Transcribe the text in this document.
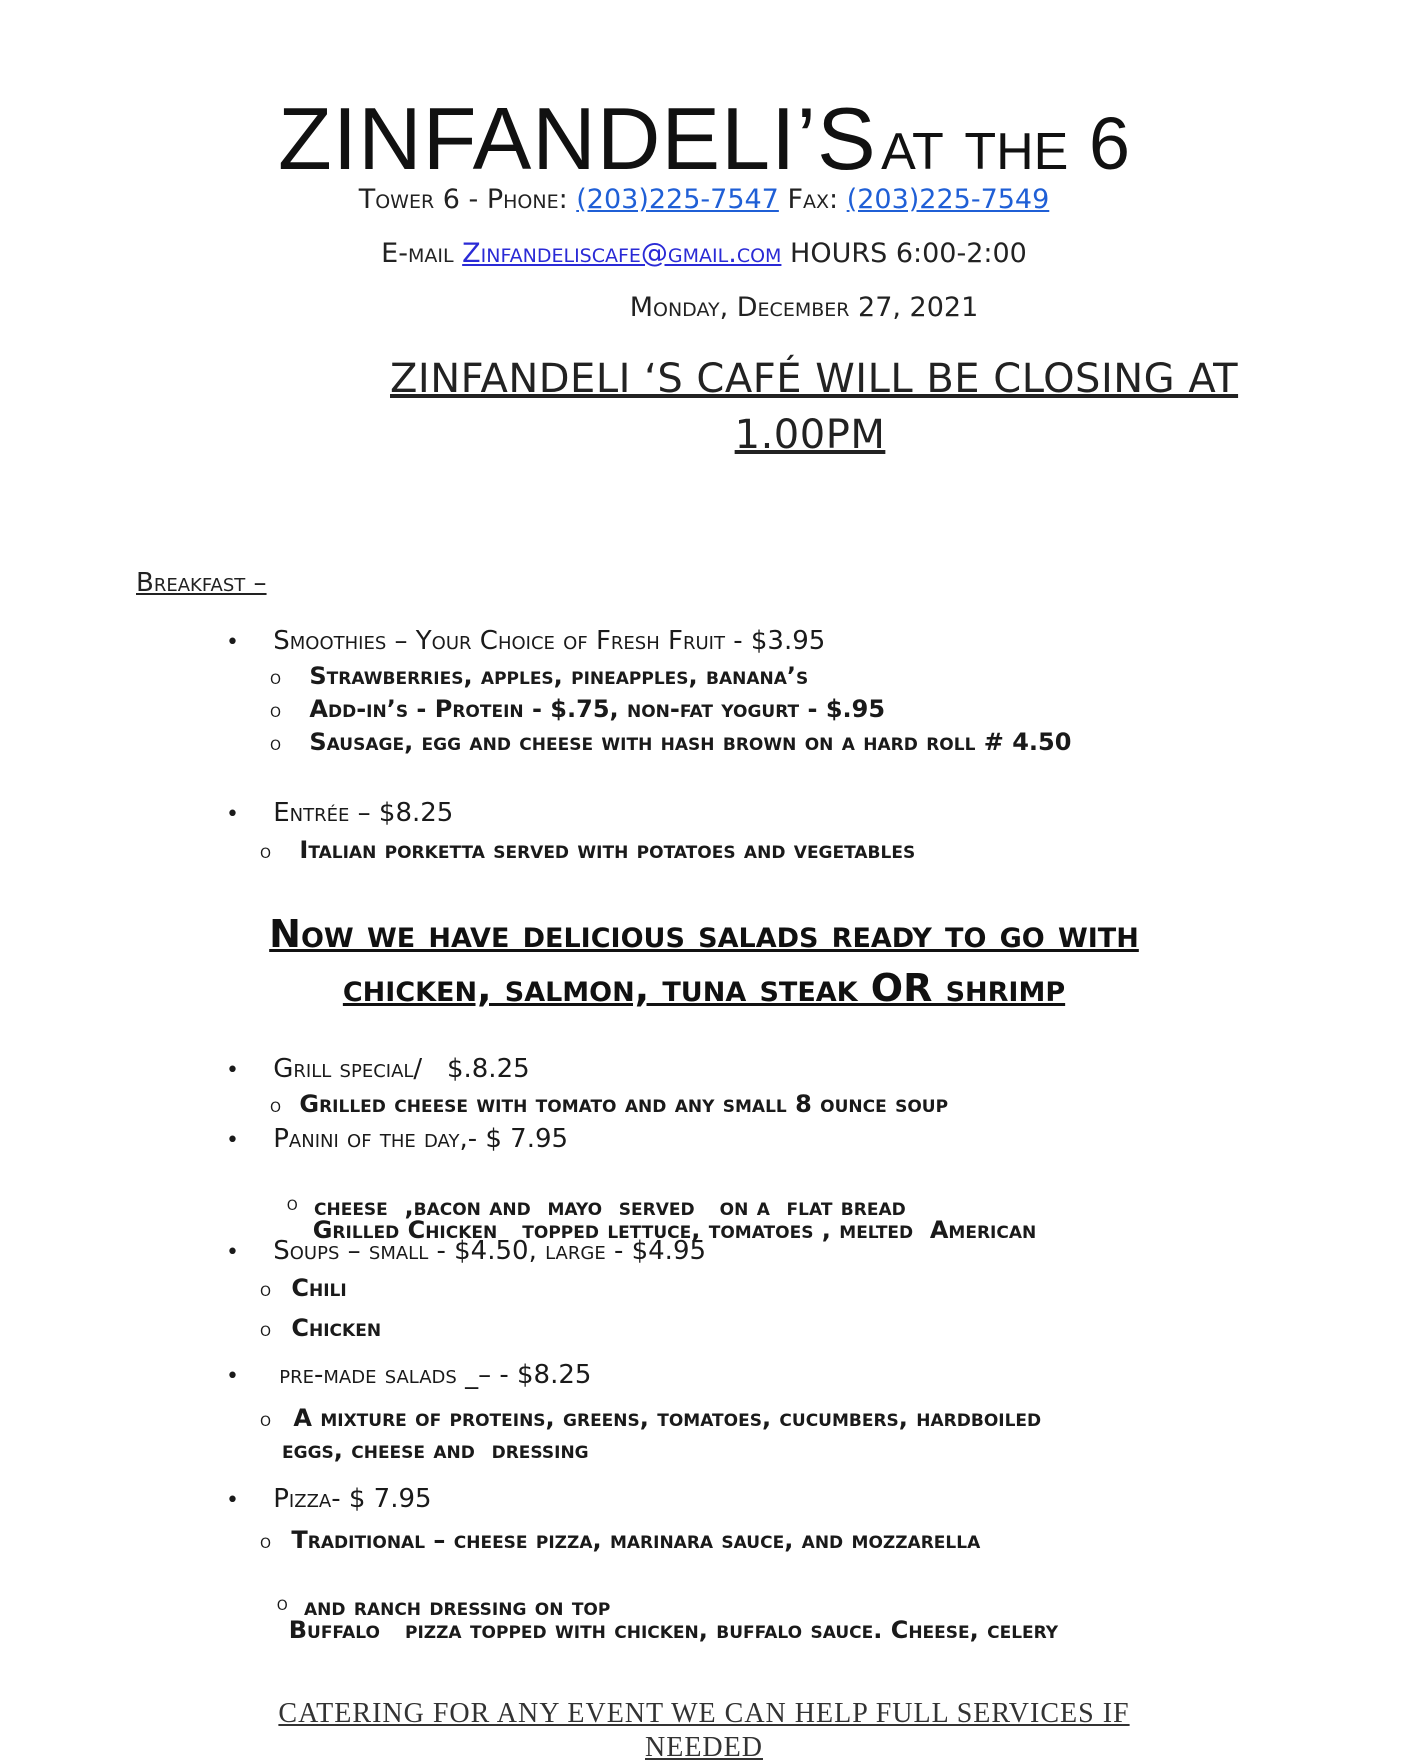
ZINFANDELI’S at the 6
Tower 6 - Phone: (203)225-7547 Fax: (203)225-7549
E-mail Zinfandeliscafe@gmail.com HOURS 6:00-2:00
Monday, December 27, 2021
ZINFANDELI ‘S CAFÉ WILL BE CLOSING AT
1.00PM
Breakfast –
• Smoothies – Your Choice of Fresh Fruit - $3.95
o Strawberries, apples, pineapples, banana’s
o Add-in’s - Protein - $.75, non-fat yogurt - $.95
o Sausage, egg and cheese with hash brown on a hard roll # 4.50
• Entrée – $8.25
o Italian porketta served with potatoes and vegetables
Now we have delicious salads ready to go with
chicken, salmon, tuna steak OR shrimp
• Grill special/   $.8.25
o Grilled cheese with tomato and any small 8 ounce soup
• Panini of the day,- $ 7.95

o
Grilled Chicken   topped lettuce, tomatoes , melted  American

cheese  ,bacon and  mayo  served   on a  flat bread
• Soups – small - $4.50, large - $4.95
o Chili
o Chicken
• pre-made salads _– - $8.25
o A mixture of proteins, greens, tomatoes, cucumbers, hardboiled
eggs, cheese and  dressing
• Pizza- $ 7.95
o Traditional – cheese pizza, marinara sauce, and mozzarella

o
Buffalo   pizza topped with chicken, buffalo sauce. Cheese, celery

and ranch dressing on top
CATERING FOR ANY EVENT WE CAN HELP FULL SERVICES IF
NEEDED
